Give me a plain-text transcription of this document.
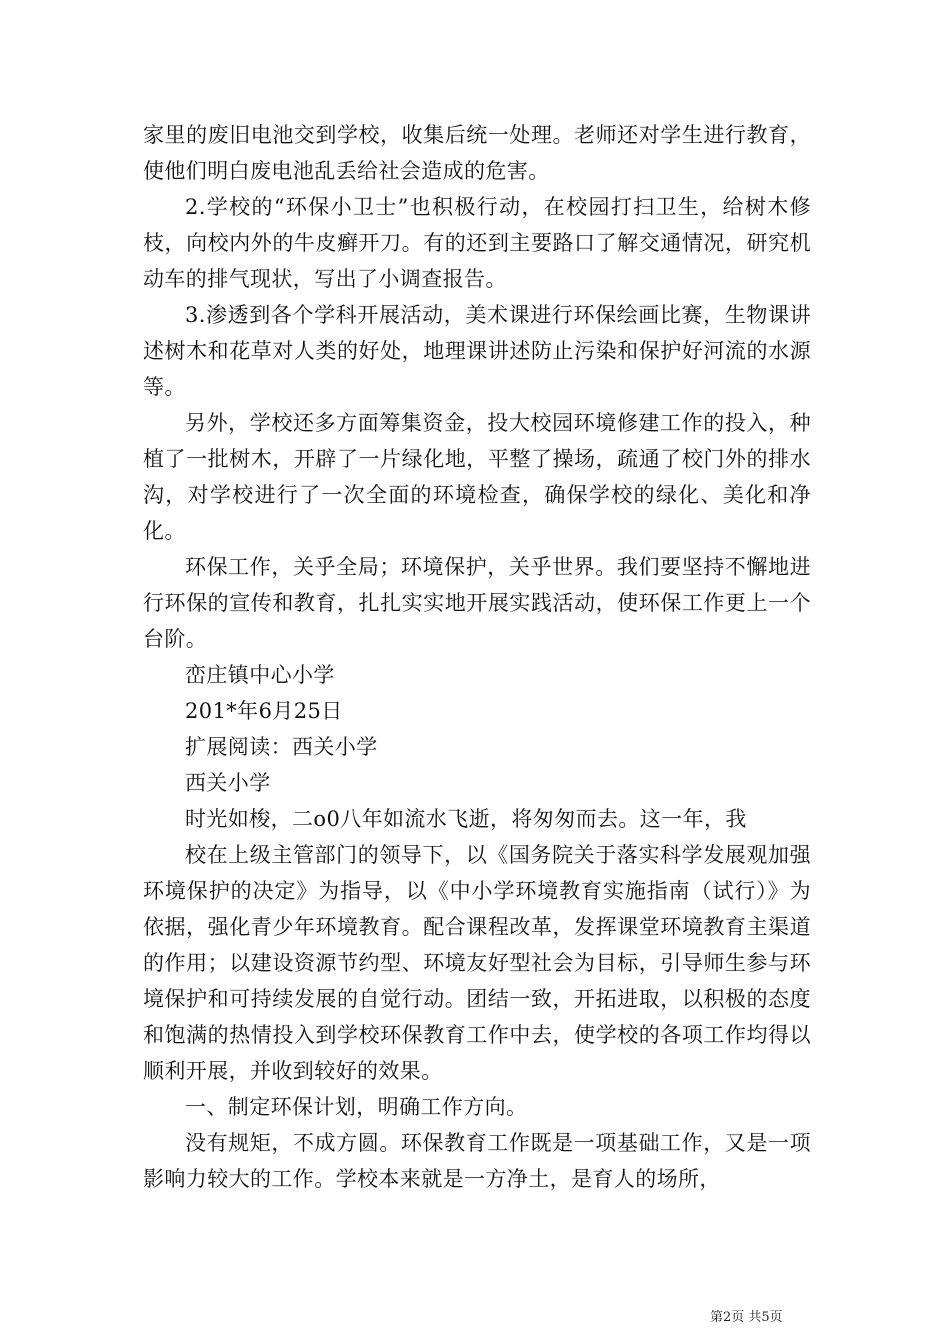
家里的废旧电池交到学校，收集后统一处理。老师还对学生进行教育，使他们明白废电池乱丢给社会造成的危害。

2.学校的“环保小卫士”也积极行动，在校园打扫卫生，给树木修枝，向校内外的牛皮癣开刀。有的还到主要路口了解交通情况，研究机动车的排气现状，写出了小调查报告。

3.渗透到各个学科开展活动，美术课进行环保绘画比赛，生物课讲述树木和花草对人类的好处，地理课讲述防止污染和保护好河流的水源等。

另外，学校还多方面筹集资金，投大校园环境修建工作的投入，种植了一批树木，开辟了一片绿化地，平整了操场，疏通了校门外的排水沟，对学校进行了一次全面的环境检查，确保学校的绿化、美化和净化。

环保工作，关乎全局；环境保护，关乎世界。我们要坚持不懈地进行环保的宣传和教育，扎扎实实地开展实践活动，使环保工作更上一个台阶。

峦庄镇中心小学

201*年6月25日

扩展阅读：西关小学

西关小学

时光如梭，二o0八年如流水飞逝，将匆匆而去。这一年，我

校在上级主管部门的领导下，以《国务院关于落实科学发展观加强环境保护的决定》为指导，以《中小学环境教育实施指南（试行）》为依据，强化青少年环境教育。配合课程改革，发挥课堂环境教育主渠道的作用；以建设资源节约型、环境友好型社会为目标，引导师生参与环境保护和可持续发展的自觉行动。团结一致，开拓进取，以积极的态度和饱满的热情投入到学校环保教育工作中去，使学校的各项工作均得以顺利开展，并收到较好的效果。

一、制定环保计划，明确工作方向。

没有规矩，不成方圆。环保教育工作既是一项基础工作，又是一项影响力较大的工作。学校本来就是一方净土，是育人的场所，

第2页 共5页
